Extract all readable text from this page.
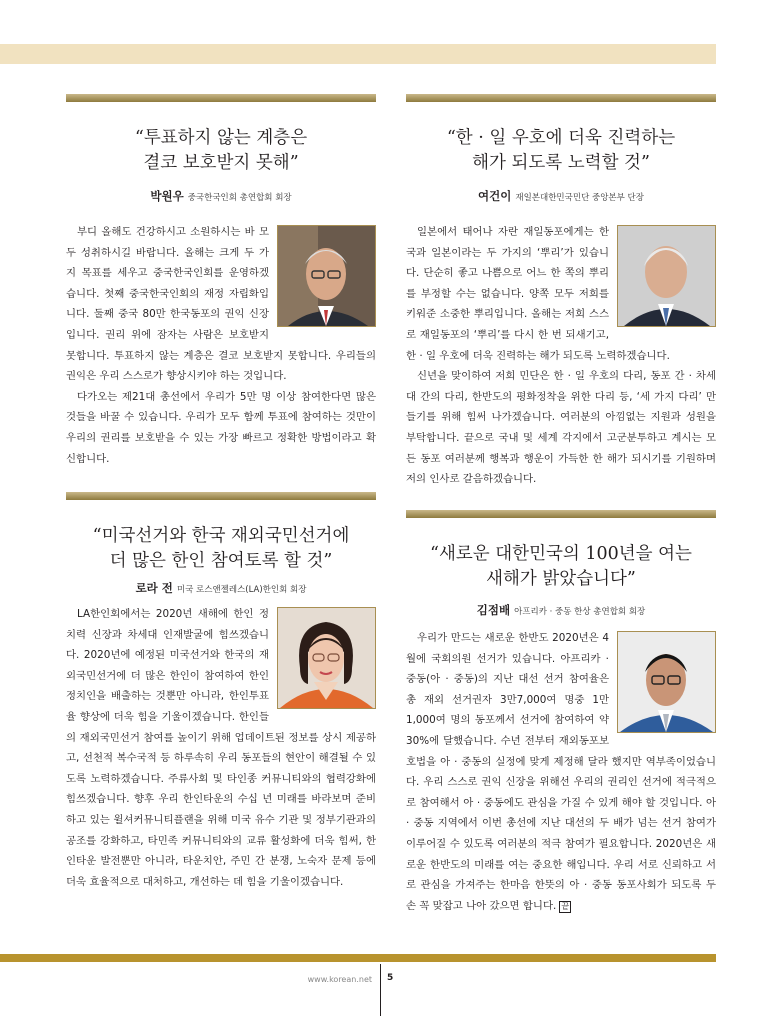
“투표하지 않는 계층은
결코 보호받지 못해”
박원우 중국한국인회 총연합회 회장

부디 올해도 건강하시고 소원하시는 바 모두 성취하시길 바랍니다. 올해는 크게 두 가지 목표를 세우고 중국한국인회를 운영하겠습니다. 첫째 중국한국인회의 재정 자립화입니다. 둘째 중국 80만 한국동포의 권익 신장입니다. 권리 위에 잠자는 사람은 보호받지 못합니다. 투표하지 않는 계층은 결코 보호받지 못합니다. 우리들의 권익은 우리 스스로가 향상시키야 하는 것입니다.

다가오는 제21대 총선에서 우리가 5만 명 이상 참여한다면 많은 것들을 바꿀 수 있습니다. 우리가 모두 함께 투표에 참여하는 것만이 우리의 권리를 보호받을 수 있는 가장 빠르고 정확한 방법이라고 확신합니다.

“한 · 일 우호에 더욱 진력하는
해가 되도록 노력할 것”
여건이 재일본대한민국민단 중앙본부 단장

일본에서 태어나 자란 재일동포에게는 한국과 일본이라는 두 가지의 ‘뿌리’가 있습니다. 단순히 좋고 나쁨으로 어느 한 쪽의 뿌리를 부정할 수는 없습니다. 양쪽 모두 저희를 키워준 소중한 뿌리입니다. 올해는 저희 스스로 재일동포의 ‘뿌리’를 다시 한 번 되새기고, 한 · 일 우호에 더욱 진력하는 해가 되도록 노력하겠습니다.

신년을 맞이하여 저희 민단은 한 · 일 우호의 다리, 동포 간 · 차세대 간의 다리, 한반도의 평화정착을 위한 다리 등, ‘세 가지 다리’ 만들기를 위해 힘써 나가겠습니다. 여러분의 아낌없는 지원과 성원을 부탁합니다. 끝으로 국내 및 세계 각지에서 고군분투하고 계시는 모든 동포 여러분께 행복과 행운이 가득한 한 해가 되시기를 기원하며 저의 인사로 갈음하겠습니다.

“미국선거와 한국 재외국민선거에
더 많은 한인 참여토록 할 것”
로라 전 미국 로스앤젤레스(LA)한인회 회장

LA한인회에서는 2020년 새해에 한인 정치력 신장과 차세대 인재발굴에 힘쓰겠습니다. 2020년에 예정된 미국선거와 한국의 재외국민선거에 더 많은 한인이 참여하여 한인 정치인을 배출하는 것뿐만 아니라, 한인투표율 향상에 더욱 힘을 기울이겠습니다. 한인들의 재외국민선거 참여를 높이기 위해 업데이트된 정보를 상시 제공하고, 선천적 복수국적 등 하루속히 우리 동포들의 현안이 해결될 수 있도록 노력하겠습니다. 주류사회 및 타인종 커뮤니티와의 협력강화에 힘쓰겠습니다. 향후 우리 한인타운의 수십 년 미래를 바라보며 준비하고 있는 윌셔커뮤니티플랜을 위해 미국 유수 기관 및 정부기관과의 공조를 강화하고, 타민족 커뮤니티와의 교류 활성화에 더욱 힘써, 한인타운 발전뿐만 아니라, 타운치안, 주민 간 분쟁, 노숙자 문제 등에 더욱 효율적으로 대처하고, 개선하는 데 힘을 기울이겠습니다.

“새로운 대한민국의 100년을 여는
새해가 밝았습니다”
김점배 아프리카 · 중동 한상 총연합회 회장

우리가 만드는 새로운 한반도 2020년은 4월에 국회의원 선거가 있습니다. 아프리카 · 중동(아 · 중동)의 지난 대선 선거 참여율은 총 재외 선거권자 3만7,000여 명중 1만1,000여 명의 동포께서 선거에 참여하여 약 30%에 달했습니다. 수년 전부터 재외동포보호법을 아 · 중동의 실정에 맞게 제정해 달라 했지만 역부족이었습니다. 우리 스스로 권익 신장을 위해선 우리의 권리인 선거에 적극적으로 참여해서 아 · 중동에도 관심을 가질 수 있게 해야 할 것입니다. 아 · 중동 지역에서 이번 총선에 지난 대선의 두 배가 넘는 선거 참여가 이루어질 수 있도록 여러분의 적극 참여가 필요합니다. 2020년은 새로운 한반도의 미래를 여는 중요한 해입니다. 우리 서로 신뢰하고 서로 관심을 가져주는 한마음 한뜻의 아 · 중동 동포사회가 되도록 두 손 꼭 맞잡고 나아 갔으면 합니다. 끝

www.korean.net 5
